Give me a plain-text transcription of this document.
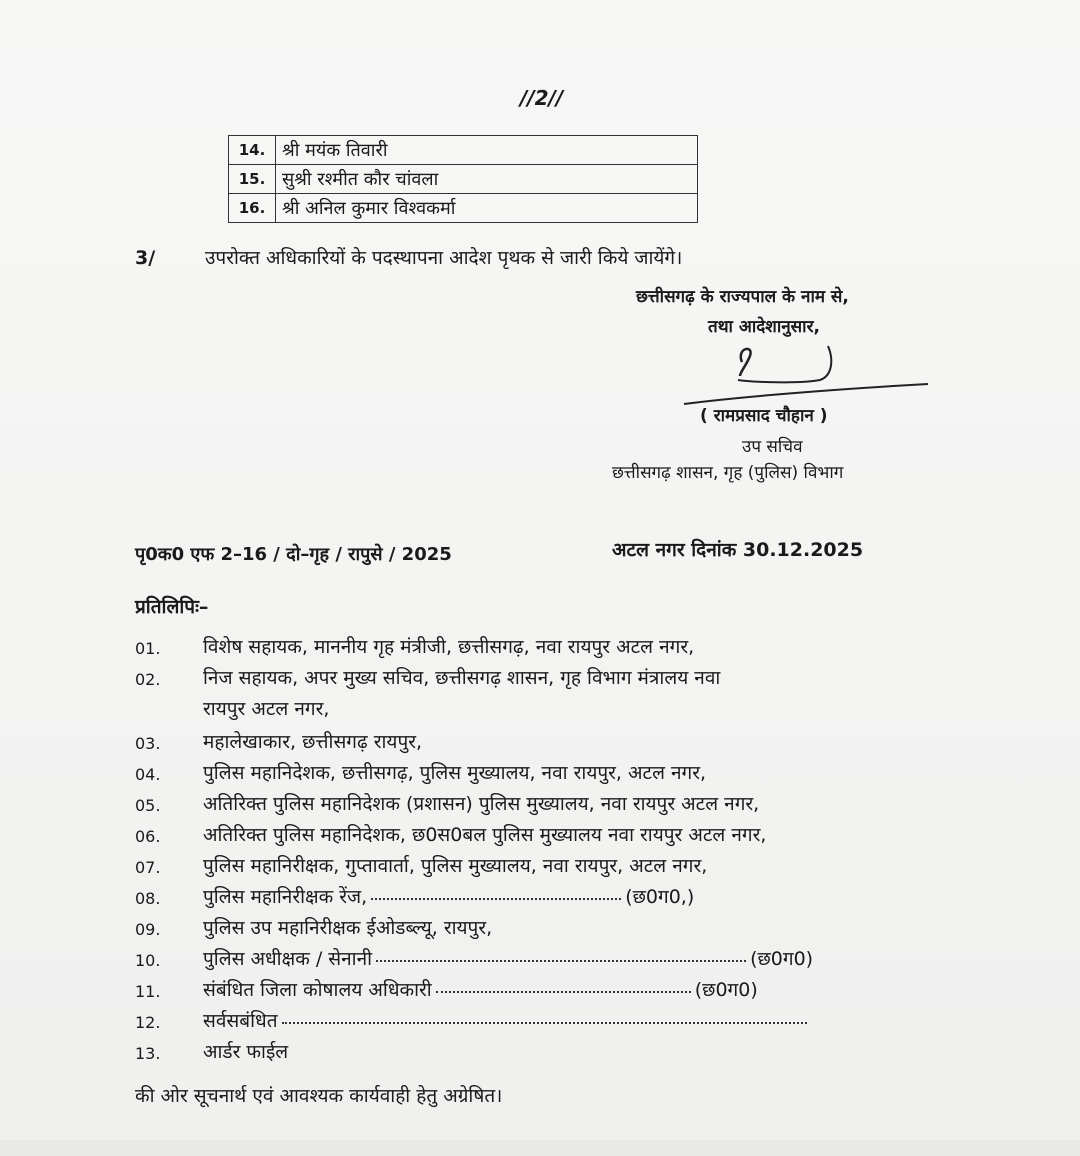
//2//
14.	श्री मयंक तिवारी
15.	सुश्री रश्मीत कौर चांवला
16.	श्री अनिल कुमार विश्वकर्मा
3/	उपरोक्त अधिकारियों के पदस्थापना आदेश पृथक से जारी किये जायेंगे।
छत्तीसगढ़ के राज्यपाल के नाम से,
तथा आदेशानुसार,
( रामप्रसाद चौहान )
उप सचिव
छत्तीसगढ़ शासन, गृह (पुलिस) विभाग
पृ0क0 एफ 2–16 / दो–गृह / रापुसे / 2025	अटल नगर दिनांक 30.12.2025
प्रतिलिपिः–
01. विशेष सहायक, माननीय गृह मंत्रीजी, छत्तीसगढ़, नवा रायपुर अटल नगर,
02. निज सहायक, अपर मुख्य सचिव, छत्तीसगढ़ शासन, गृह विभाग मंत्रालय नवा
रायपुर अटल नगर,
03. महालेखाकार, छत्तीसगढ़ रायपुर,
04. पुलिस महानिदेशक, छत्तीसगढ़, पुलिस मुख्यालय, नवा रायपुर, अटल नगर,
05. अतिरिक्त पुलिस महानिदेशक (प्रशासन) पुलिस मुख्यालय, नवा रायपुर अटल नगर,
06. अतिरिक्त पुलिस महानिदेशक, छ0स0बल पुलिस मुख्यालय नवा रायपुर अटल नगर,
07. पुलिस महानिरीक्षक, गुप्तावार्ता, पुलिस मुख्यालय, नवा रायपुर, अटल नगर,
08. पुलिस महानिरीक्षक रेंज,	(छ0ग0,)
09. पुलिस उप महानिरीक्षक ईओडब्ल्यू, रायपुर,
10. पुलिस अधीक्षक / सेनानी	(छ0ग0)
11. संबंधित जिला कोषालय अधिकारी	(छ0ग0)
12. सर्वसबंधित
13. आर्डर फाईल
की ओर सूचनार्थ एवं आवश्यक कार्यवाही हेतु अग्रेषित।
